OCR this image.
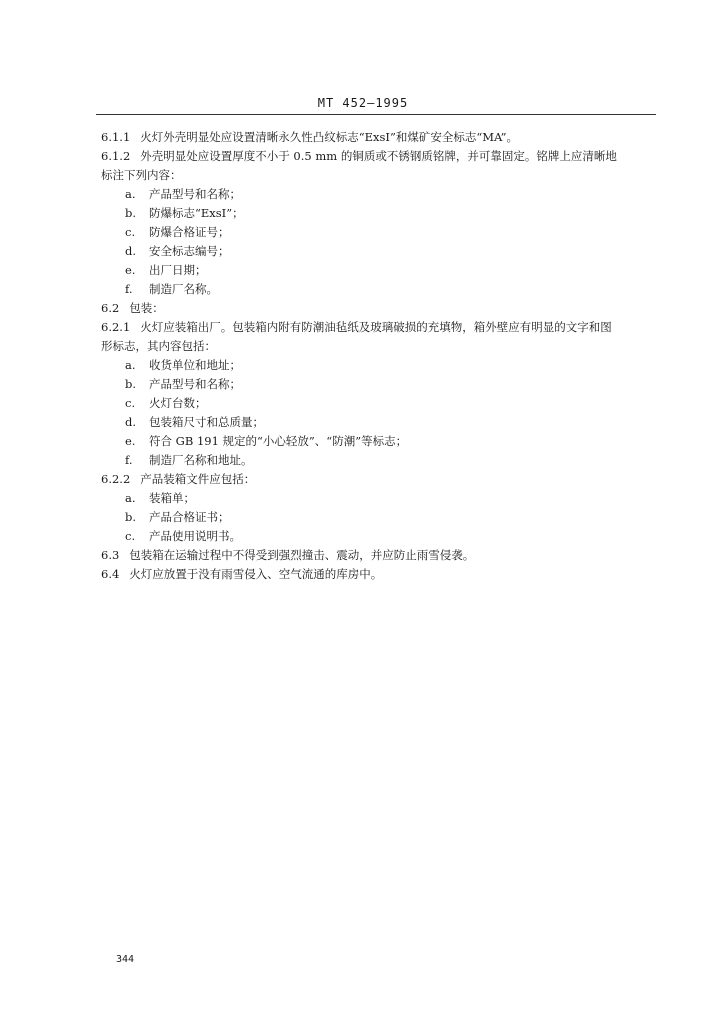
MT 452—1995
6.1.1 火灯外壳明显处应设置清晰永久性凸纹标志“ExsI”和煤矿安全标志“MA”。
6.1.2 外壳明显处应设置厚度不小于 0.5 mm 的铜质或不锈钢质铭牌，并可靠固定。铭牌上应清晰地
标注下列内容：
a. 产品型号和名称；
b. 防爆标志“ExsI”；
c. 防爆合格证号；
d. 安全标志编号；
e. 出厂日期；
f. 制造厂名称。
6.2 包装：
6.2.1 火灯应装箱出厂。包装箱内附有防潮油毡纸及玻璃破损的充填物，箱外壁应有明显的文字和图
形标志，其内容包括：
a. 收货单位和地址；
b. 产品型号和名称；
c. 火灯台数；
d. 包装箱尺寸和总质量；
e. 符合 GB 191 规定的“小心轻放”、“防潮”等标志；
f. 制造厂名称和地址。
6.2.2 产品装箱文件应包括：
a. 装箱单；
b. 产品合格证书；
c. 产品使用说明书。
6.3 包装箱在运输过程中不得受到强烈撞击、震动，并应防止雨雪侵袭。
6.4 火灯应放置于没有雨雪侵入、空气流通的库房中。
344
